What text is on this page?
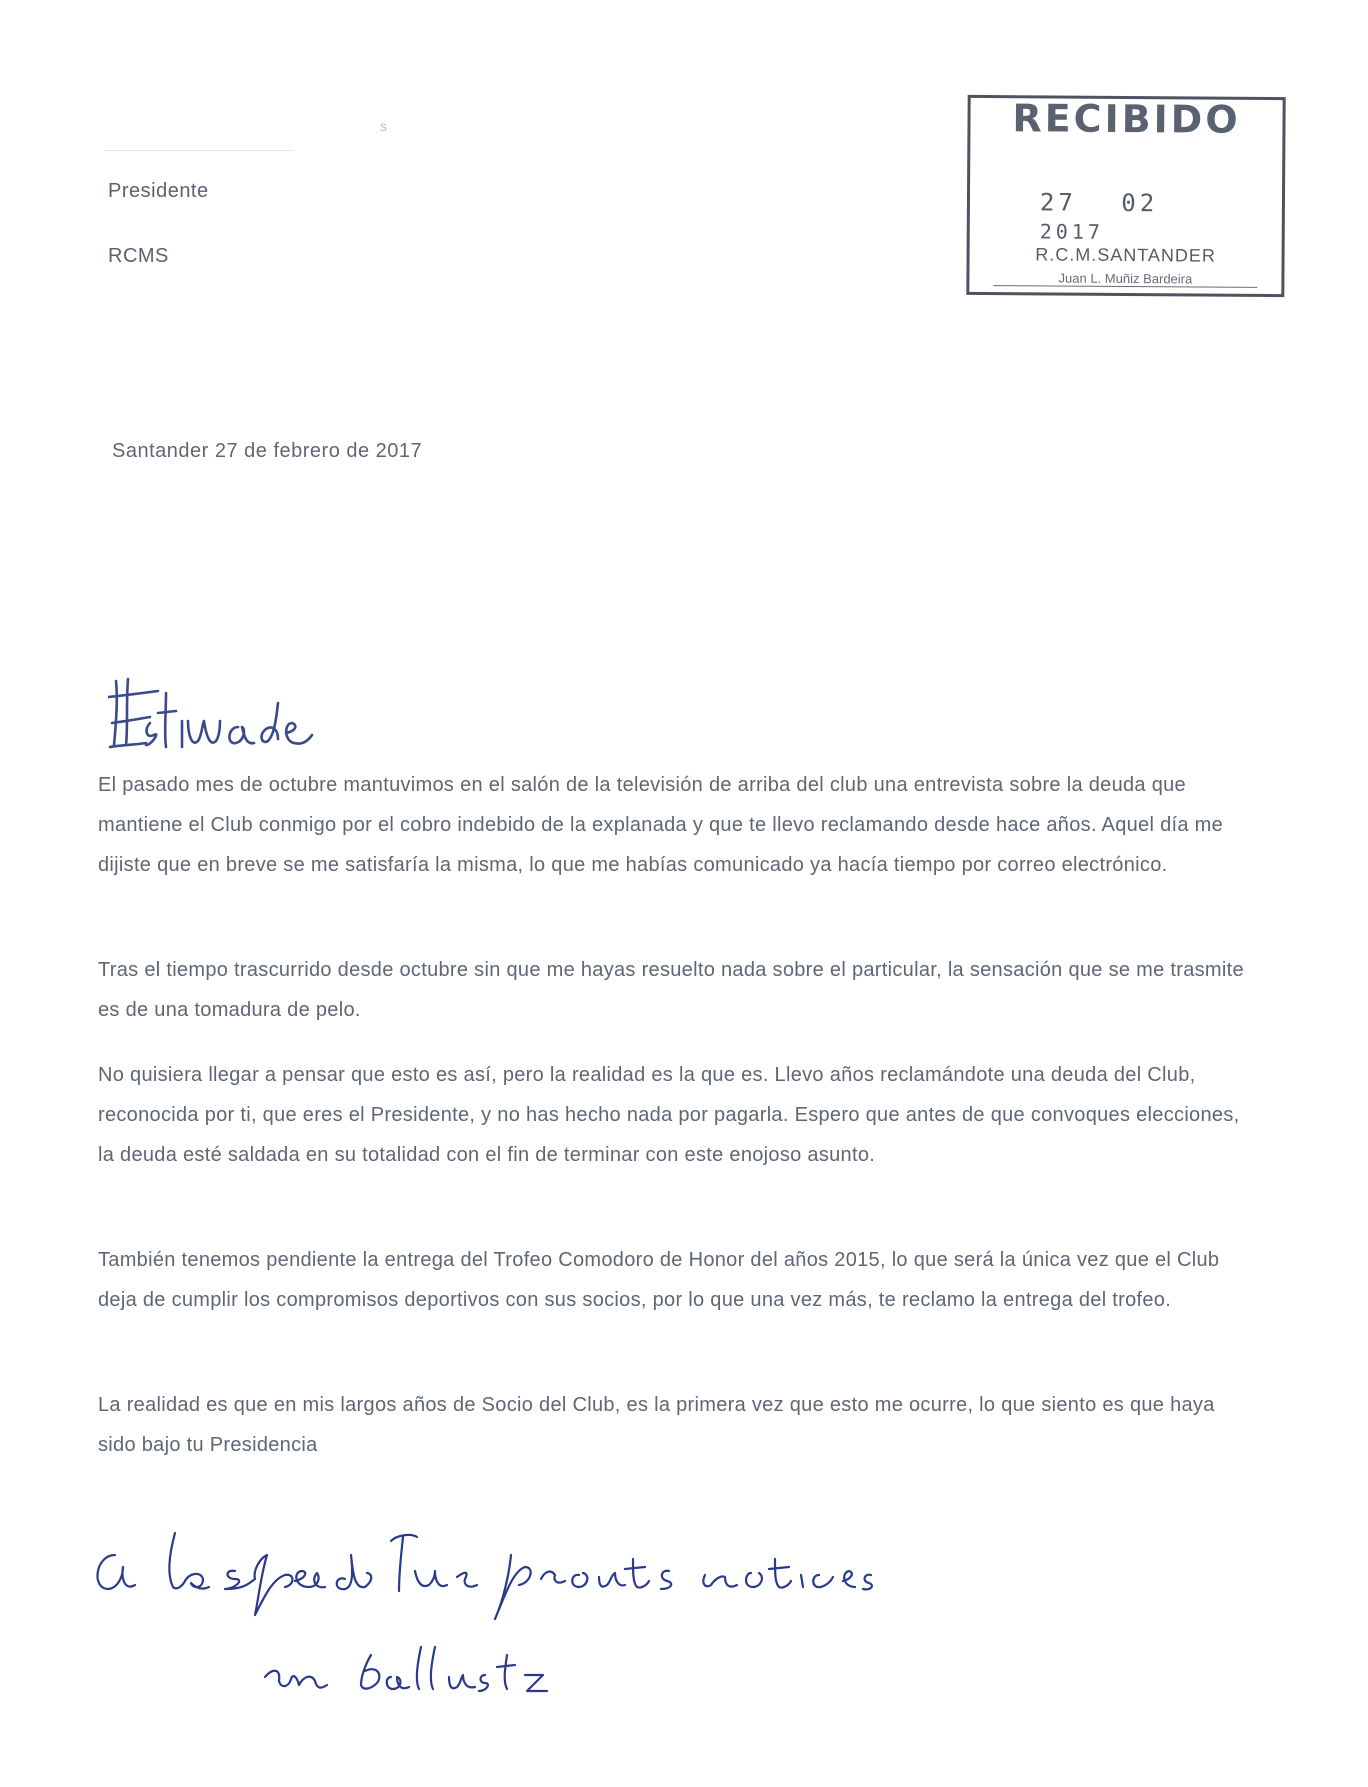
s
Presidente
RCMS
RECIBIDO
27 02 2017
R.C.M.SANTANDER
Juan L. Muñiz Bardeira
Santander 27 de febrero de 2017
El pasado mes de octubre mantuvimos en el salón de la televisión de arriba del club una entrevista sobre la deuda que mantiene el Club conmigo por el cobro indebido de la explanada y que te llevo reclamando desde hace años. Aquel día me dijiste que en breve se me satisfaría la misma, lo que me habías comunicado ya hacía tiempo por correo electrónico.
Tras el tiempo trascurrido desde octubre sin que me hayas resuelto nada sobre el particular, la sensación que se me trasmite es de una tomadura de pelo.
No quisiera llegar a pensar que esto es así, pero la realidad es la que es. Llevo años reclamándote una deuda del Club, reconocida por ti, que eres el Presidente, y no has hecho nada por pagarla. Espero que antes de que convoques elecciones, la deuda esté saldada en su totalidad con el fin de terminar con este enojoso asunto.
También tenemos pendiente la entrega del Trofeo Comodoro de Honor del años 2015, lo que será la única vez que el Club deja de cumplir los compromisos deportivos con sus socios, por lo que una vez más, te reclamo la entrega del trofeo.
La realidad es que en mis largos años de Socio del Club, es la primera vez que esto me ocurre, lo que siento es que haya sido bajo tu Presidencia
